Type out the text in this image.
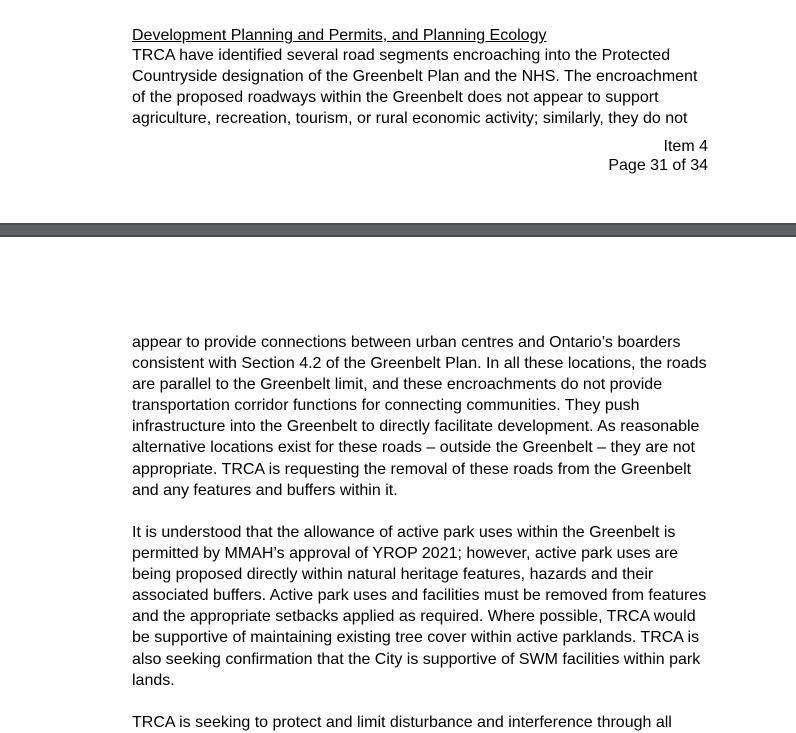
Development Planning and Permits, and Planning Ecology
TRCA have identified several road segments encroaching into the Protected
Countryside designation of the Greenbelt Plan and the NHS. The encroachment
of the proposed roadways within the Greenbelt does not appear to support
agriculture, recreation, tourism, or rural economic activity; similarly, they do not
Item 4
Page 31 of 34
appear to provide connections between urban centres and Ontario’s boarders
consistent with Section 4.2 of the Greenbelt Plan. In all these locations, the roads
are parallel to the Greenbelt limit, and these encroachments do not provide
transportation corridor functions for connecting communities. They push
infrastructure into the Greenbelt to directly facilitate development. As reasonable
alternative locations exist for these roads – outside the Greenbelt – they are not
appropriate. TRCA is requesting the removal of these roads from the Greenbelt
and any features and buffers within it.
It is understood that the allowance of active park uses within the Greenbelt is
permitted by MMAH’s approval of YROP 2021; however, active park uses are
being proposed directly within natural heritage features, hazards and their
associated buffers. Active park uses and facilities must be removed from features
and the appropriate setbacks applied as required. Where possible, TRCA would
be supportive of maintaining existing tree cover within active parklands. TRCA is
also seeking confirmation that the City is supportive of SWM facilities within park
lands.
TRCA is seeking to protect and limit disturbance and interference through all
